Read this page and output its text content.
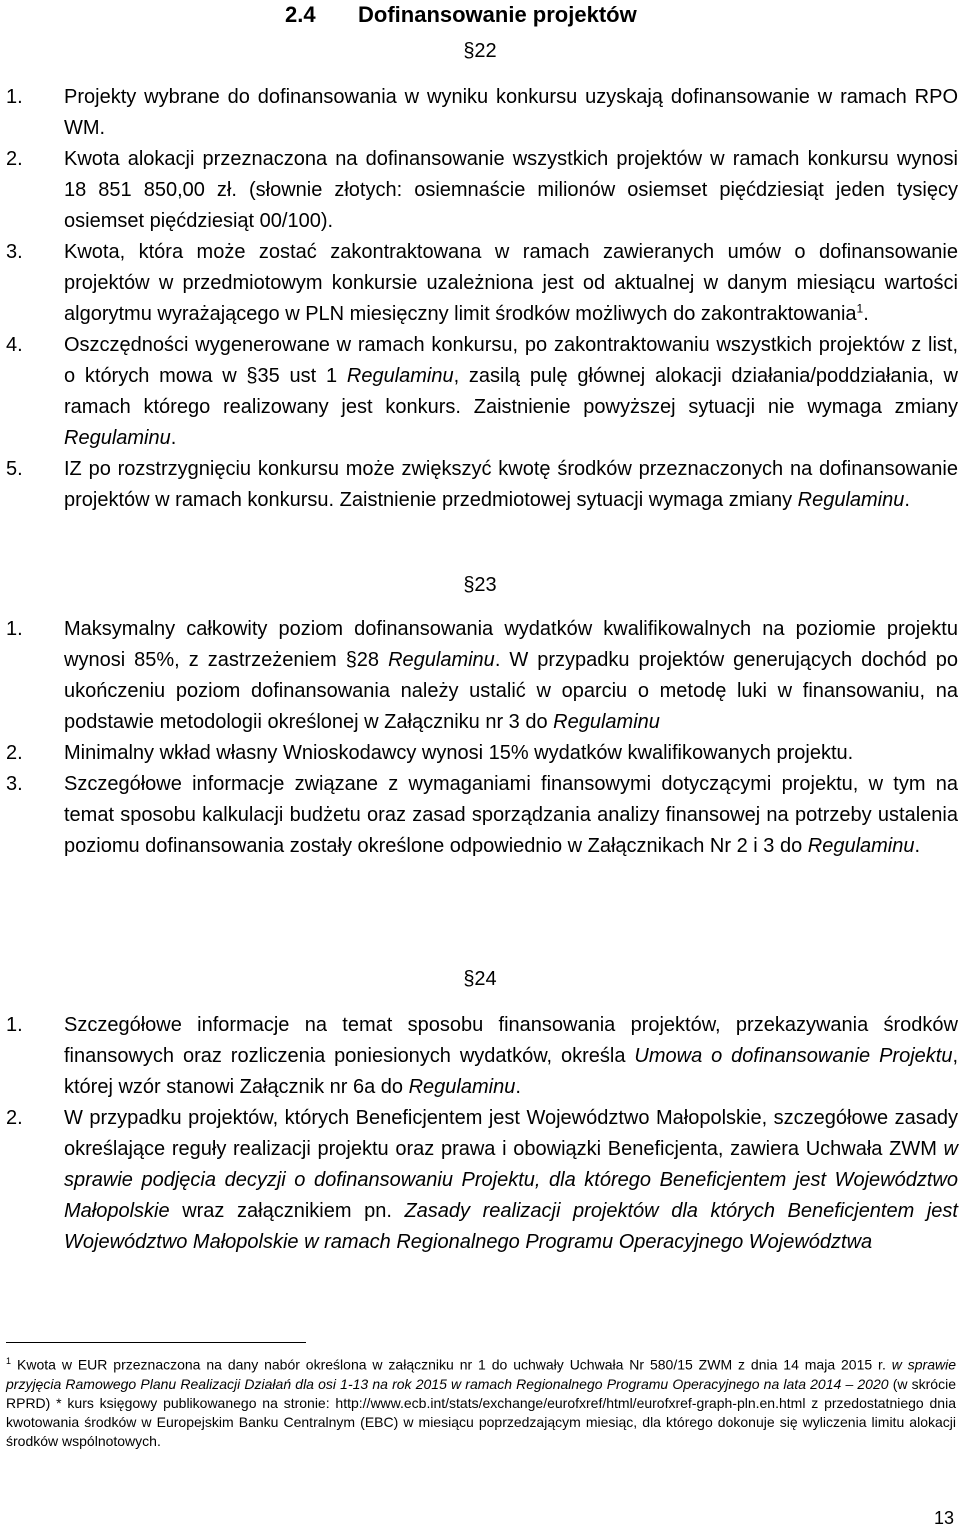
2.4 Dofinansowanie projektów
§22
1. Projekty wybrane do dofinansowania w wyniku konkursu uzyskają dofinansowanie w ramach RPO WM.
2. Kwota alokacji przeznaczona na dofinansowanie wszystkich projektów w ramach konkursu wynosi 18 851 850,00 zł. (słownie złotych: osiemnaście milionów osiemset pięćdziesiąt jeden tysięcy osiemset pięćdziesiąt 00/100).
3. Kwota, która może zostać zakontraktowana w ramach zawieranych umów o dofinansowanie projektów w przedmiotowym konkursie uzależniona jest od aktualnej w danym miesiącu wartości algorytmu wyrażającego w PLN miesięczny limit środków możliwych do zakontraktowania$^1$.
4. Oszczędności wygenerowane w ramach konkursu, po zakontraktowaniu wszystkich projektów z list, o których mowa w §35 ust 1 Regulaminu, zasilą pulę głównej alokacji działania/poddziałania, w ramach którego realizowany jest konkurs. Zaistnienie powyższej sytuacji nie wymaga zmiany Regulaminu.
5. IZ po rozstrzygnięciu konkursu może zwiększyć kwotę środków przeznaczonych na dofinansowanie projektów w ramach konkursu. Zaistnienie przedmiotowej sytuacji wymaga zmiany Regulaminu.
§23
1. Maksymalny całkowity poziom dofinansowania wydatków kwalifikowalnych na poziomie projektu wynosi 85%, z zastrzeżeniem §28 Regulaminu. W przypadku projektów generujących dochód po ukończeniu poziom dofinansowania należy ustalić w oparciu o metodę luki w finansowaniu, na podstawie metodologii określonej w Załączniku nr 3 do Regulaminu
2. Minimalny wkład własny Wnioskodawcy wynosi 15% wydatków kwalifikowanych projektu.
3. Szczegółowe informacje związane z wymaganiami finansowymi dotyczącymi projektu, w tym na temat sposobu kalkulacji budżetu oraz zasad sporządzania analizy finansowej na potrzeby ustalenia poziomu dofinansowania zostały określone odpowiednio w Załącznikach Nr 2 i 3 do Regulaminu.
§24
1. Szczegółowe informacje na temat sposobu finansowania projektów, przekazywania środków finansowych oraz rozliczenia poniesionych wydatków, określa Umowa o dofinansowanie Projektu, której wzór stanowi Załącznik nr 6a do Regulaminu.
2. W przypadku projektów, których Beneficjentem jest Województwo Małopolskie, szczegółowe zasady określające reguły realizacji projektu oraz prawa i obowiązki Beneficjenta, zawiera Uchwała ZWM w sprawie podjęcia decyzji o dofinansowaniu Projektu, dla którego Beneficjentem jest Województwo Małopolskie wraz załącznikiem pn. Zasady realizacji projektów dla których Beneficjentem jest Województwo Małopolskie w ramach Regionalnego Programu Operacyjnego Województwa
$^1$ Kwota w EUR przeznaczona na dany nabór określona w załączniku nr 1 do uchwały Uchwała Nr 580/15 ZWM z dnia 14 maja 2015 r. w sprawie przyjęcia Ramowego Planu Realizacji Działań dla osi 1-13 na rok 2015 w ramach Regionalnego Programu Operacyjnego na lata 2014 – 2020 (w skrócie RPRD) * kurs księgowy publikowanego na stronie: http://www.ecb.int/stats/exchange/eurofxref/html/eurofxref-graph-pln.en.html z przedostatniego dnia kwotowania środków w Europejskim Banku Centralnym (EBC) w miesiącu poprzedzającym miesiąc, dla którego dokonuje się wyliczenia limitu alokacji środków wspólnotowych.
13
